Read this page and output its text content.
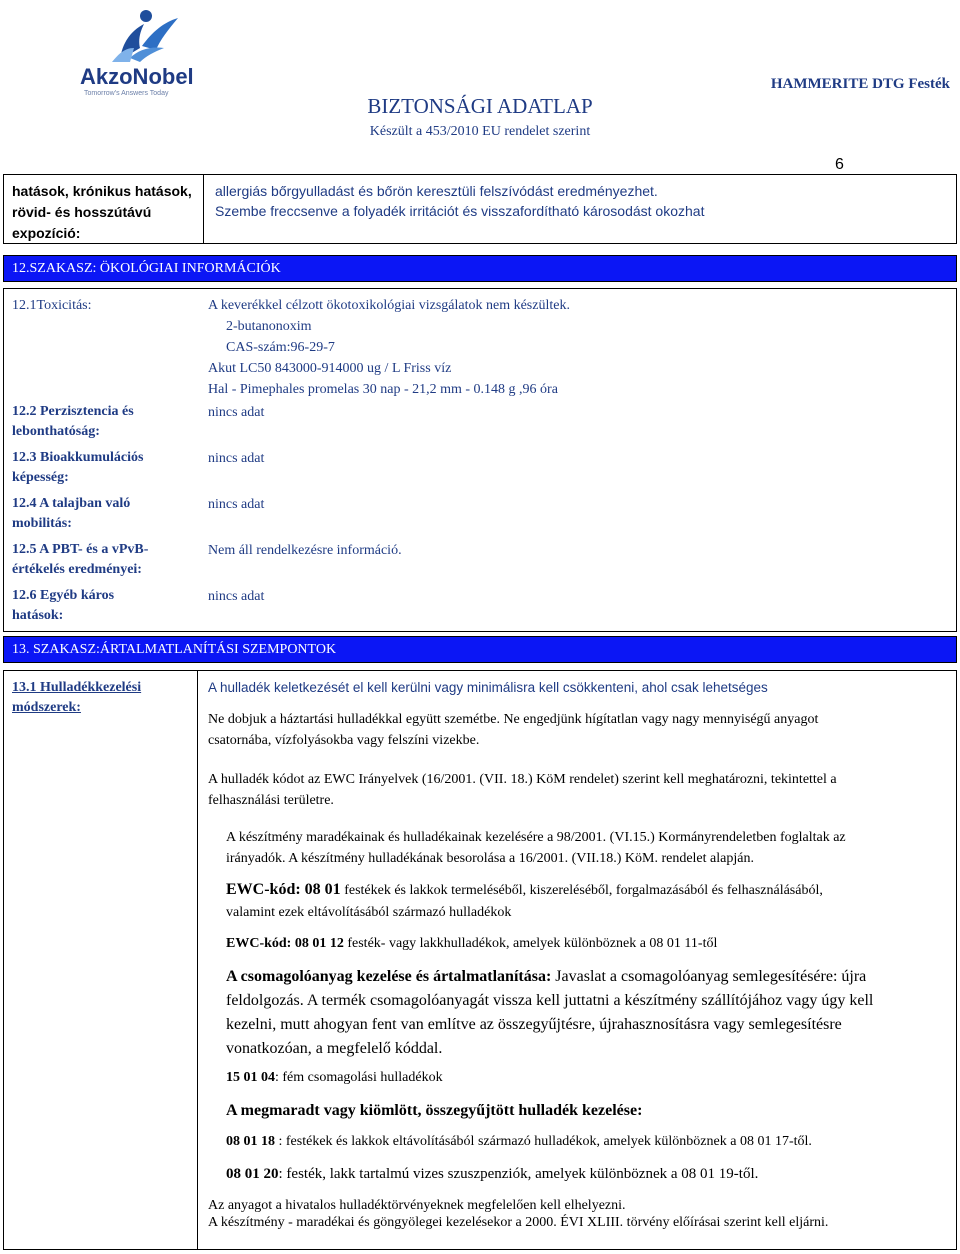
AkzoNobel
Tomorrow's Answers Today
BIZTONSÁGI ADATLAP
Készült a 453/2010 EU rendelet szerint
HAMMERITE DTG Festék
6
hatások, krónikus hatások,
rövid- és hosszútávú
expozíció:
allergiás bőrgyulladást és bőrön keresztüli felszívódást eredményezhet.
Szembe freccsenve a folyadék irritációt és visszafordítható károsodást okozhat
12.SZAKASZ: ÖKOLÓGIAI INFORMÁCIÓK
12.1Toxicitás:	A keverékkel célzott ökotoxikológiai vizsgálatok nem készültek.
2-butanonoxim
CAS-szám:96-29-7
Akut LC50 843000-914000 ug / L Friss víz
Hal - Pimephales promelas 30 nap - 21,2 mm - 0.148 g ,96 óra
12.2 Perzisztencia és
lebonthatóság:
nincs adat
12.3 Bioakkumulációs
képesség:
nincs adat
12.4 A talajban való
mobilitás:
nincs adat
12.5 A PBT- és a vPvB-
értékelés eredményei:
Nem áll rendelkezésre információ.
12.6 Egyéb káros
hatások:
nincs adat
13. SZAKASZ:ÁRTALMATLANÍTÁSI SZEMPONTOK
13.1 Hulladékkezelési
módszerek:
A hulladék keletkezését el kell kerülni vagy minimálisra kell csökkenteni, ahol csak lehetséges
Ne dobjuk a háztartási hulladékkal együtt szemétbe. Ne engedjünk hígítatlan vagy nagy mennyiségű anyagot
csatornába, vízfolyásokba vagy felszíni vizekbe.
A hulladék kódot az EWC Irányelvek (16/2001. (VII. 18.) KöM rendelet) szerint kell meghatározni, tekintettel a
felhasználási területre.
A készítmény maradékainak és hulladékainak kezelésére a 98/2001. (VI.15.) Kormányrendeletben foglaltak az
irányadók. A készítmény hulladékának besorolása a 16/2001. (VII.18.) KöM. rendelet alapján.
EWC-kód: 08 01 festékek és lakkok termeléséből, kiszereléséből, forgalmazásából és felhasználásából,
valamint ezek eltávolításából származó hulladékok
EWC-kód: 08 01 12 festék- vagy lakkhulladékok, amelyek különböznek a 08 01 11-től
A csomagolóanyag kezelése és ártalmatlanítása: Javaslat a csomagolóanyag semlegesítésére: újra
feldolgozás. A termék csomagolóanyagát vissza kell juttatni a készítmény szállítójához vagy úgy kell
kezelni, mutt ahogyan fent van említve az összegyűjtésre, újrahasznosításra vagy semlegesítésre
vonatkozóan, a megfelelő kóddal.
15 01 04: fém csomagolási hulladékok
A megmaradt vagy kiömlött, összegyűjtött hulladék kezelése:
08 01 18 : festékek és lakkok eltávolításából származó hulladékok, amelyek különböznek a 08 01 17-től.
08 01 20: festék, lakk tartalmú vizes szuszpenziók, amelyek különböznek a 08 01 19-től.
Az anyagot a hivatalos hulladéktörvényeknek megfelelően kell elhelyezni.
A készítmény - maradékai és göngyölegei kezelésekor a 2000. ÉVI XLIII. törvény előírásai szerint kell eljárni.
